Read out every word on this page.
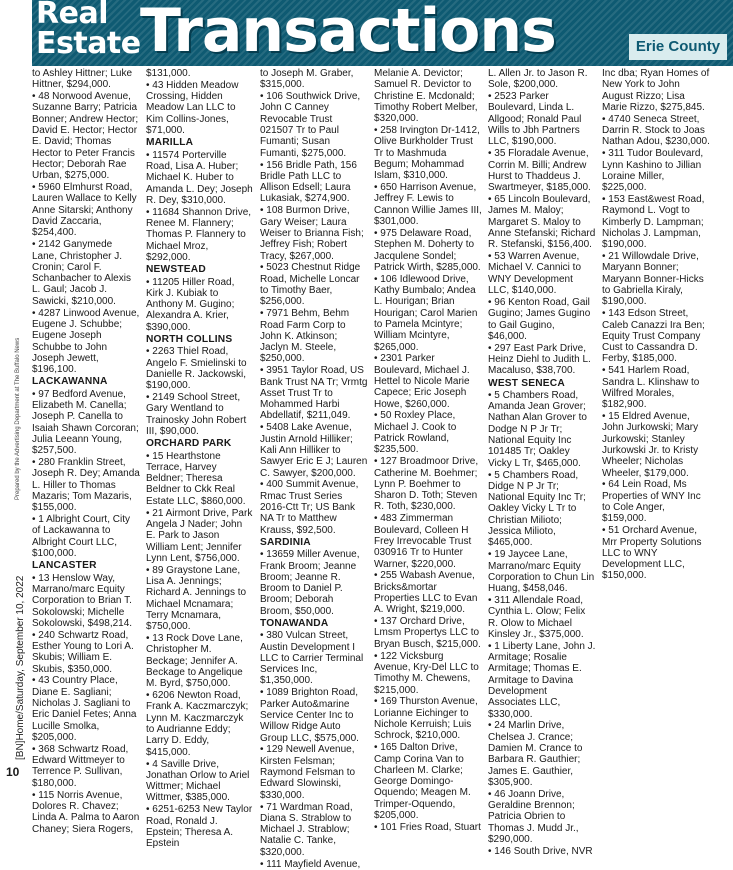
Prepared by the Advertising Department at The Buffalo News
[BN]Home/Saturday, September 10, 2022
10
Real
Estate Transactions	Erie County

to Ashley Hittner; Luke Hittner, $294,000.

• 48 Norwood Avenue, Suzanne Barry; Patricia Bonner; Andrew Hector; David E. Hector; Hector E. David; Thomas Hector to Peter Francis Hector; Deborah Rae Urban, $275,000.

• 5960 Elmhurst Road, Lauren Wallace to Kelly Anne Sitarski; Anthony David Zaccaria, $254,400.

• 2142 Ganymede Lane, Christopher J. Cronin; Carol F. Schanbacher to Alexis L. Gaul; Jacob J. Sawicki, $210,000.

• 4287 Linwood Avenue, Eugene J. Schubbe; Eugene Joseph Schubbe to John Joseph Jewett, $196,100.

LACKAWANNA

• 97 Bedford Avenue, Elizabeth M. Canella; Joseph P. Canella to Isaiah Shawn Corcoran; Julia Leeann Young, $257,500.

• 280 Franklin Street, Joseph R. Dey; Amanda L. Hiller to Thomas Mazaris; Tom Mazaris, $155,000.

• 1 Albright Court, City of Lackawanna to Albright Court LLC, $100,000.

LANCASTER

• 13 Henslow Way, Marrano/marc Equity Corporation to Brian T. Sokolowski; Michelle Sokolowski, $498,214.

• 240 Schwartz Road, Esther Young to Lori A. Skubis; William E. Skubis, $350,000.

• 43 Country Place, Diane E. Sagliani; Nicholas J. Sagliani to Eric Daniel Fetes; Anna Lucille Smolka, $205,000.

• 368 Schwartz Road, Edward Wittmeyer to Terrence P. Sullivan, $180,000.

• 115 Norris Avenue, Dolores R. Chavez; Linda A. Palma to Aaron Chaney; Siera Rogers,

$131,000.

• 43 Hidden Meadow Crossing, Hidden Meadow Lan LLC to Kim Collins-Jones, $71,000.

MARILLA

• 11574 Porterville Road, Lisa A. Huber; Michael K. Huber to Amanda L. Dey; Joseph R. Dey, $310,000.

• 11684 Shannon Drive, Renee M. Flannery; Thomas P. Flannery to Michael Mroz, $292,000.

NEWSTEAD

• 11205 Hiller Road, Kirk J. Kubiak to Anthony M. Gugino; Alexandra A. Krier, $390,000.

NORTH COLLINS

• 2263 Thiel Road, Angelo F. Smielinski to Danielle R. Jackowski, $190,000.

• 2149 School Street, Gary Wentland to Trainosky John Robert III, $90,000.

ORCHARD PARK

• 15 Hearthstone Terrace, Harvey Beldner; Theresa Beldner to Ckk Real Estate LLC, $860,000.

• 21 Airmont Drive, Park Angela J Nader; John E. Park to Jason William Lent; Jennifer Lynn Lent, $756,000.

• 89 Graystone Lane, Lisa A. Jennings; Richard A. Jennings to Michael Mcnamara; Terry Mcnamara, $750,000.

• 13 Rock Dove Lane, Christopher M. Beckage; Jennifer A. Beckage to Angelique M. Byrd, $750,000.

• 6206 Newton Road, Frank A. Kaczmarczyk; Lynn M. Kaczmarczyk to Audrianne Eddy; Larry D. Eddy, $415,000.

• 4 Saville Drive, Jonathan Orlow to Ariel Wittmer; Michael Wittmer, $385,000.

• 6251-6253 New Taylor Road, Ronald J. Epstein; Theresa A. Epstein

to Joseph M. Graber, $315,000.

• 106 Southwick Drive, John C Canney Revocable Trust 021507 Tr to Paul Fumanti; Susan Fumanti, $275,000.

• 156 Bridle Path, 156 Bridle Path LLC to Allison Edsell; Laura Lukasiak, $274,900.

• 108 Burmon Drive, Gary Weiser; Laura Weiser to Brianna Fish; Jeffrey Fish; Robert Tracy, $267,000.

• 5023 Chestnut Ridge Road, Michelle Loncar to Timothy Baer, $256,000.

• 7971 Behm, Behm Road Farm Corp to John K. Atkinson; Jaclyn M. Steele, $250,000.

• 3951 Taylor Road, US Bank Trust NA Tr; Vrmtg Asset Trust Tr to Mohammed Harbi Abdellatif, $211,049.

• 5408 Lake Avenue, Justin Arnold Hilliker; Kali Ann Hilliker to Sawyer Eric E J; Lauren C. Sawyer, $200,000.

• 400 Summit Avenue, Rmac Trust Series 2016-Ctt Tr; US Bank NA Tr to Matthew Krauss, $92,500.

SARDINIA

• 13659 Miller Avenue, Frank Broom; Jeanne Broom; Jeanne R. Broom to Daniel P. Broom; Deborah Broom, $50,000.

TONAWANDA

• 380 Vulcan Street, Austin Development I LLC to Carrier Terminal Services Inc, $1,350,000.

• 1089 Brighton Road, Parker Auto&marine Service Center Inc to Willow Ridge Auto Group LLC, $575,000.

• 129 Newell Avenue, Kirsten Felsman; Raymond Felsman to Edward Slowinski, $330,000.

• 71 Wardman Road, Diana S. Strablow to Michael J. Strablow; Natalie C. Tanke, $320,000.

• 111 Mayfield Avenue,

Melanie A. Devictor; Samuel R. Devictor to Christine E. Mcdonald; Timothy Robert Melber, $320,000.

• 258 Irvington Dr-1412, Olive Burkholder Trust Tr to Mashmuda Begum; Mohammad Islam, $310,000.

• 650 Harrison Avenue, Jeffrey F. Lewis to Cannon Willie James III, $301,000.

• 975 Delaware Road, Stephen M. Doherty to Jacqulene Sondel; Patrick Wirth, $285,000.

• 106 Idlewood Drive, Kathy Bumbalo; Andea L. Hourigan; Brian Hourigan; Carol Marien to Pamela Mcintyre; William Mcintyre, $265,000.

• 2301 Parker Boulevard, Michael J. Hettel to Nicole Marie Capece; Eric Joseph Howe, $260,000.

• 50 Roxley Place, Michael J. Cook to Patrick Rowland, $235,500.

• 127 Broadmoor Drive, Catherine M. Boehmer; Lynn P. Boehmer to Sharon D. Toth; Steven R. Toth, $230,000.

• 483 Zimmerman Boulevard, Colleen H Frey Irrevocable Trust 030916 Tr to Hunter Warner, $220,000.

• 255 Wabash Avenue, Bricks&mortar Properties LLC to Evan A. Wright, $219,000.

• 137 Orchard Drive, Lmsm Propertys LLC to Bryan Busch, $215,000.

• 122 Vicksburg Avenue, Kry-Del LLC to Timothy M. Chewens, $215,000.

• 169 Thurston Avenue, Lorianne Eichinger to Nichole Kerruish; Luis Schrock, $210,000.

• 165 Dalton Drive, Camp Corina Van to Charleen M. Clarke; George Domingo-Oquendo; Meagen M. Trimper-Oquendo, $205,000.

• 101 Fries Road, Stuart

L. Allen Jr. to Jason R. Sole, $200,000.

• 2523 Parker Boulevard, Linda L. Allgood; Ronald Paul Wills to Jbh Partners LLC, $190,000.

• 35 Floradale Avenue, Corrin M. Billi; Andrew Hurst to Thaddeus J. Swartmeyer, $185,000.

• 65 Lincoln Boulevard, James M. Maloy; Margaret S. Maloy to Anne Stefanski; Richard R. Stefanski, $156,400.

• 53 Warren Avenue, Michael V. Cannici to WNY Development LLC, $140,000.

• 96 Kenton Road, Gail Gugino; James Gugino to Gail Gugino, $46,000.

• 297 East Park Drive, Heinz Diehl to Judith L. Macaluso, $38,700.

WEST SENECA

• 5 Chambers Road, Amanda Jean Grover; Nathan Alan Grover to Dodge N P Jr Tr; National Equity Inc 101485 Tr; Oakley Vicky L Tr, $465,000.

• 5 Chambers Road, Didge N P Jr Tr; National Equity Inc Tr; Oakley Vicky L Tr to Christian Milioto; Jessica Milioto, $465,000.

• 19 Jaycee Lane, Marrano/marc Equity Corporation to Chun Lin Huang, $458,046.

• 311 Allendale Road, Cynthia L. Olow; Felix R. Olow to Michael Kinsley Jr., $375,000.

• 1 Liberty Lane, John J. Armitage; Rosalie Armitage; Thomas E. Armitage to Davina Development Associates LLC, $330,000.

• 24 Marlin Drive, Chelsea J. Crance; Damien M. Crance to Barbara R. Gauthier; James E. Gauthier, $305,900.

• 46 Joann Drive, Geraldine Brennon; Patricia Obrien to Thomas J. Mudd Jr., $290,000.

• 146 South Drive, NVR

Inc dba; Ryan Homes of New York to John August Rizzo; Lisa Marie Rizzo, $275,845.

• 4740 Seneca Street, Darrin R. Stock to Joas Nathan Adou, $230,000.

• 311 Tudor Boulevard, Lynn Kashino to Jillian Loraine Miller, $225,000.

• 153 East&west Road, Raymond L. Vogt to Kimberly D. Lampman; Nicholas J. Lampman, $190,000.

• 21 Willowdale Drive, Maryann Bonner; Maryann Bonner-Hicks to Gabriella Kiraly, $190,000.

• 143 Edson Street, Caleb Canazzi Ira Ben; Equity Trust Company Cust to Cassandra D. Ferby, $185,000.

• 541 Harlem Road, Sandra L. Klinshaw to Wilfred Morales, $182,900.

• 15 Eldred Avenue, John Jurkowski; Mary Jurkowski; Stanley Jurkowski Jr. to Kristy Wheeler; Nicholas Wheeler, $179,000.

• 64 Lein Road, Ms Properties of WNY Inc to Cole Anger, $159,000.

• 51 Orchard Avenue, Mrr Property Solutions LLC to WNY Development LLC, $150,000.
